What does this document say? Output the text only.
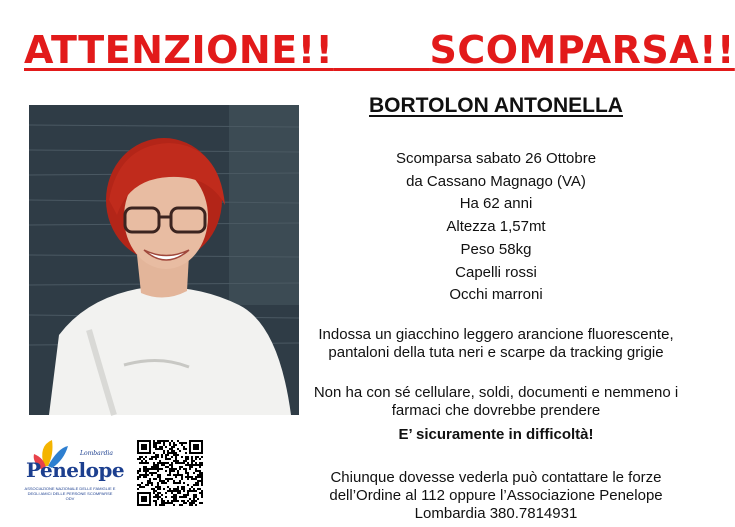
ATTENZIONE!!	SCOMPARSA!!
BORTOLON ANTONELLA
Scomparsa sabato 26 Ottobre
da Cassano Magnago (VA)
Ha 62 anni
Altezza 1,57mt
Peso 58kg
Capelli rossi
Occhi marroni
Indossa un giacchino leggero arancione fluorescente, pantaloni della tuta neri e scarpe da tracking grigie
Non ha con sé cellulare, soldi, documenti e nemmeno i farmaci che dovrebbe prendere
E’ sicuramente in difficoltà!
Chiunque dovesse vederla può contattare le forze dell’Ordine al 112 oppure l’Associazione Penelope Lombardia 380.7814931
Lombardia
Penelope
ASSOCIAZIONE NAZIONALE DELLE FAMIGLIE E DEGLI AMICI DELLE PERSONE SCOMPARSE ODV
